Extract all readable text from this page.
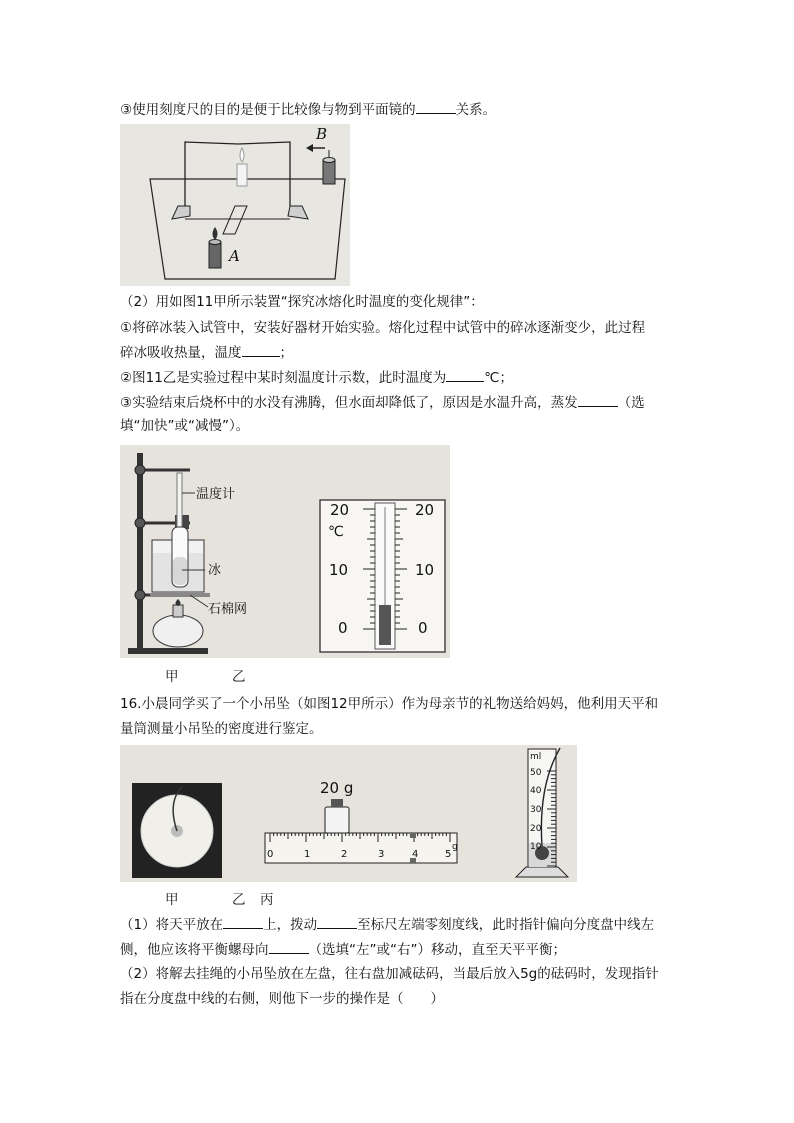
③使用刻度尺的目的是便于比较像与物到平面镜的	关系。
B
A
（2）用如图11甲所示装置“探究冰熔化时温度的变化规律”：
①将碎冰装入试管中，安装好器材开始实验。熔化过程中试管中的碎冰逐渐变少，此过程
碎冰吸收热量，温度	；
②图11乙是实验过程中某时刻温度计示数，此时温度为	℃；
③实验结束后烧杯中的水没有沸腾，但水面却降低了，原因是水温升高，蒸发	（选
填“加快”或“减慢”）。
温度计
冰
石棉网
20
℃
10
0
20
10
0
甲	乙
16.小晨同学买了一个小吊坠（如图12甲所示）作为母亲节的礼物送给妈妈，他利用天平和
量筒测量小吊坠的密度进行鉴定。
20 g
0	1	2	3	4	5
g
ml
50
40
30
20
10
甲	乙 丙
（1）将天平放在	上，拨动	至标尺左端零刻度线，此时指针偏向分度盘中线左
侧，他应该将平衡螺母向	（选填“左”或“右”）移动，直至天平平衡；
（2）将解去挂绳的小吊坠放在左盘，往右盘加减砝码，当最后放入5g的砝码时，发现指针
指在分度盘中线的右侧，则他下一步的操作是（　　）
